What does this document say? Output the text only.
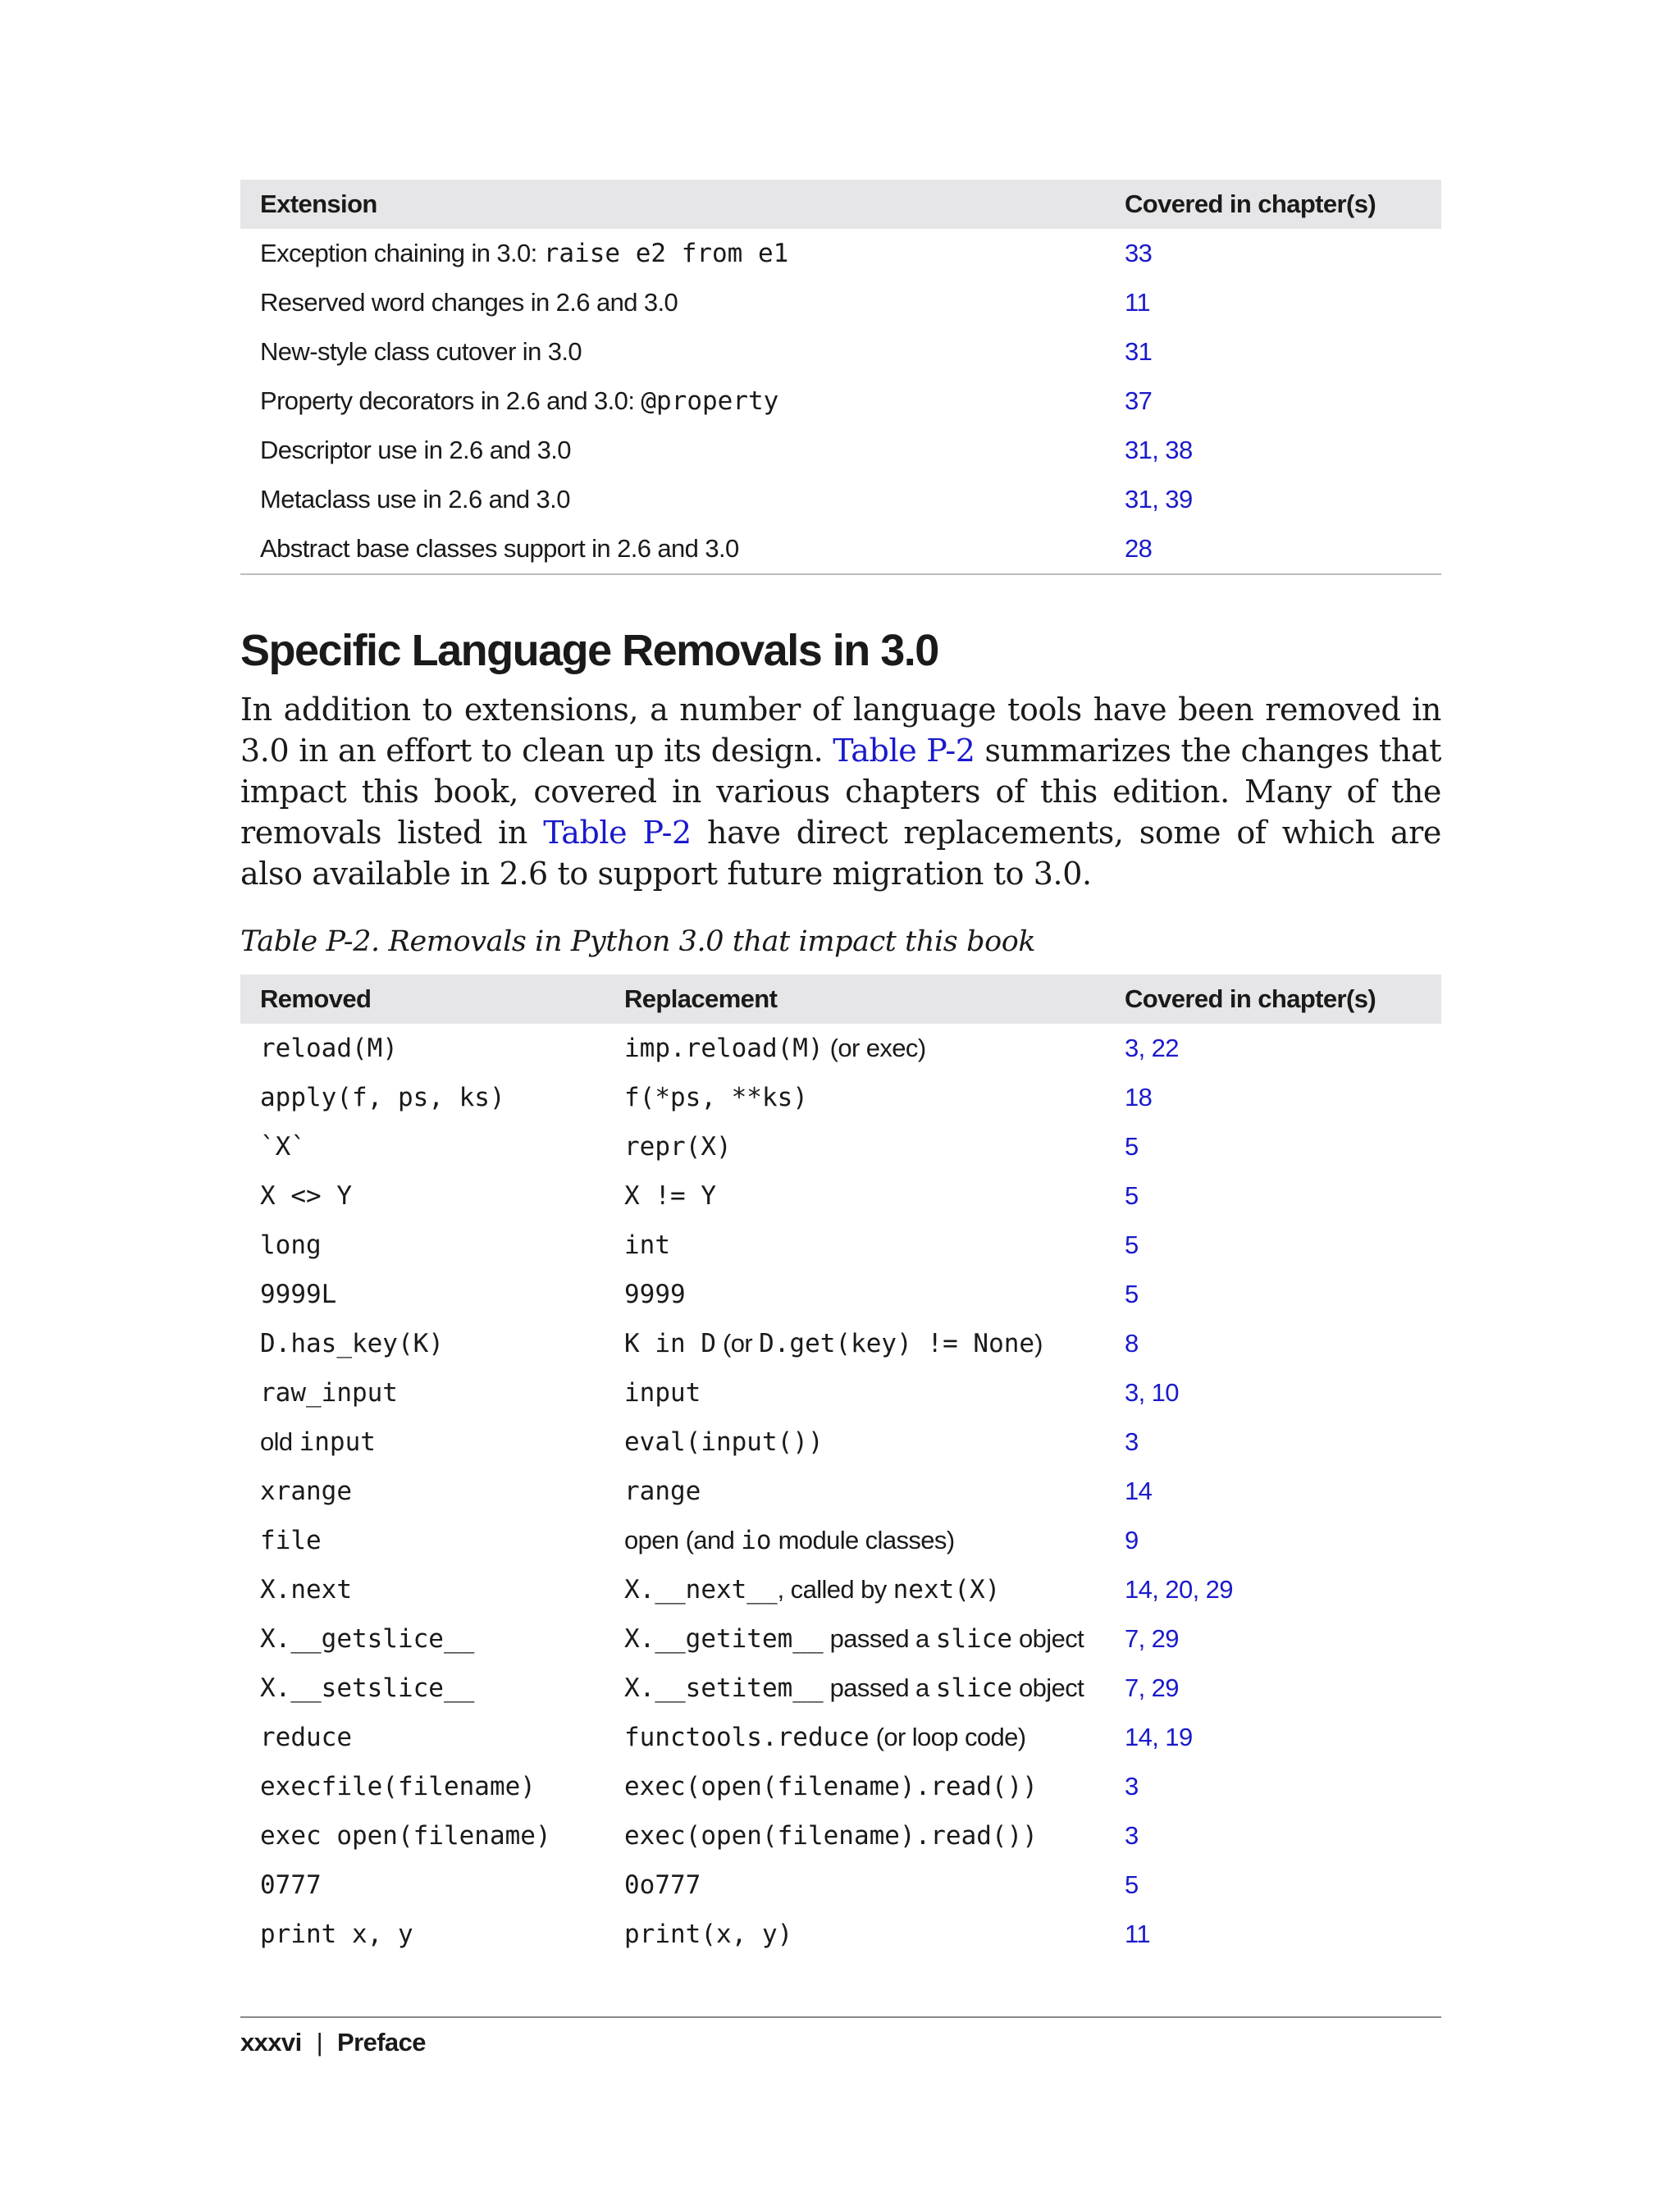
Extension	Covered in chapter(s)
Exception chaining in 3.0: raise e2 from e1	33
Reserved word changes in 2.6 and 3.0	11
New-style class cutover in 3.0	31
Property decorators in 2.6 and 3.0: @property	37
Descriptor use in 2.6 and 3.0	31, 38
Metaclass use in 2.6 and 3.0	31, 39
Abstract base classes support in 2.6 and 3.0	28
Specific Language Removals in 3.0

In addition to extensions, a number of language tools have been removed in 3.0 in an effort to clean up its design. Table P-2 summarizes the changes that impact this book, covered in various chapters of this edition. Many of the removals listed in Table P-2 have direct replacements, some of which are also available in 2.6 to support future migration to 3.0.

Table P-2. Removals in Python 3.0 that impact this book

Removed	Replacement	Covered in chapter(s)
reload(M)	imp.reload(M) (or exec)	3, 22
apply(f, ps, ks)	f(*ps, **ks)	18
`X`	repr(X)	5
X <> Y	X != Y	5
long	int	5
9999L	9999	5
D.has_key(K)	K in D (or D.get(key) != None)	8
raw_input	input	3, 10
old input	eval(input())	3
xrange	range	14
file	open (and io module classes)	9
X.next	X.__next__, called by next(X)	14, 20, 29
X.__getslice__	X.__getitem__ passed a slice object	7, 29
X.__setslice__	X.__setitem__ passed a slice object	7, 29
reduce	functools.reduce (or loop code)	14, 19
execfile(filename)	exec(open(filename).read())	3
exec open(filename)	exec(open(filename).read())	3
0777	0o777	5
print x, y	print(x, y)	11
xxxvi | Preface
